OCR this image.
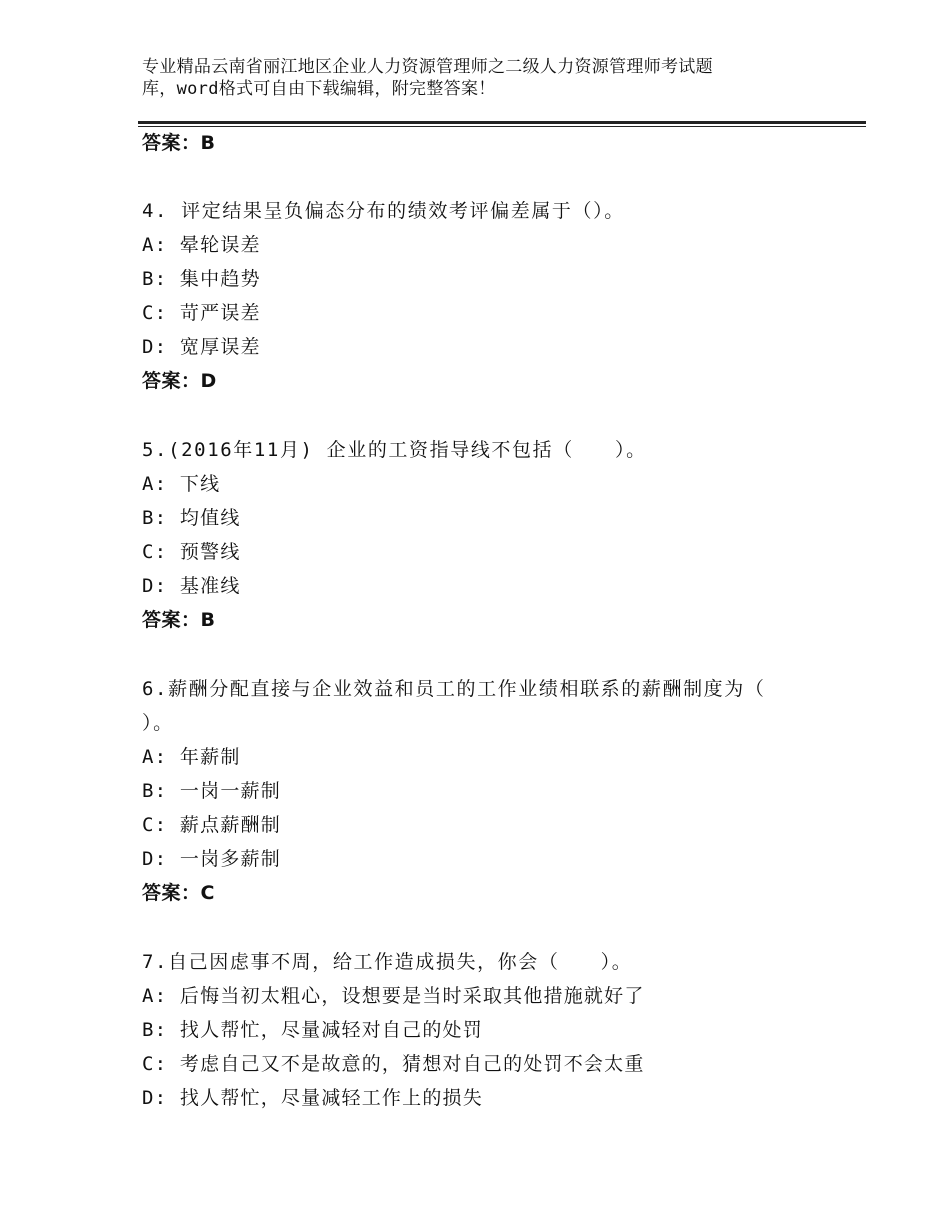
专业精品云南省丽江地区企业人力资源管理师之二级人力资源管理师考试题
库，word格式可自由下载编辑，附完整答案！
答案：B
4. 评定结果呈负偏态分布的绩效考评偏差属于（）。
A: 晕轮误差
B: 集中趋势
C: 苛严误差
D: 宽厚误差
答案：D
5.(2016年11月) 企业的工资指导线不包括（　　）。
A: 下线
B: 均值线
C: 预警线
D: 基准线
答案：B
6.薪酬分配直接与企业效益和员工的工作业绩相联系的薪酬制度为（
）。
A: 年薪制
B: 一岗一薪制
C: 薪点薪酬制
D: 一岗多薪制
答案：C
7.自己因虑事不周，给工作造成损失，你会（　　）。
A: 后悔当初太粗心，设想要是当时采取其他措施就好了
B: 找人帮忙，尽量减轻对自己的处罚
C: 考虑自己又不是故意的，猜想对自己的处罚不会太重
D: 找人帮忙，尽量减轻工作上的损失
